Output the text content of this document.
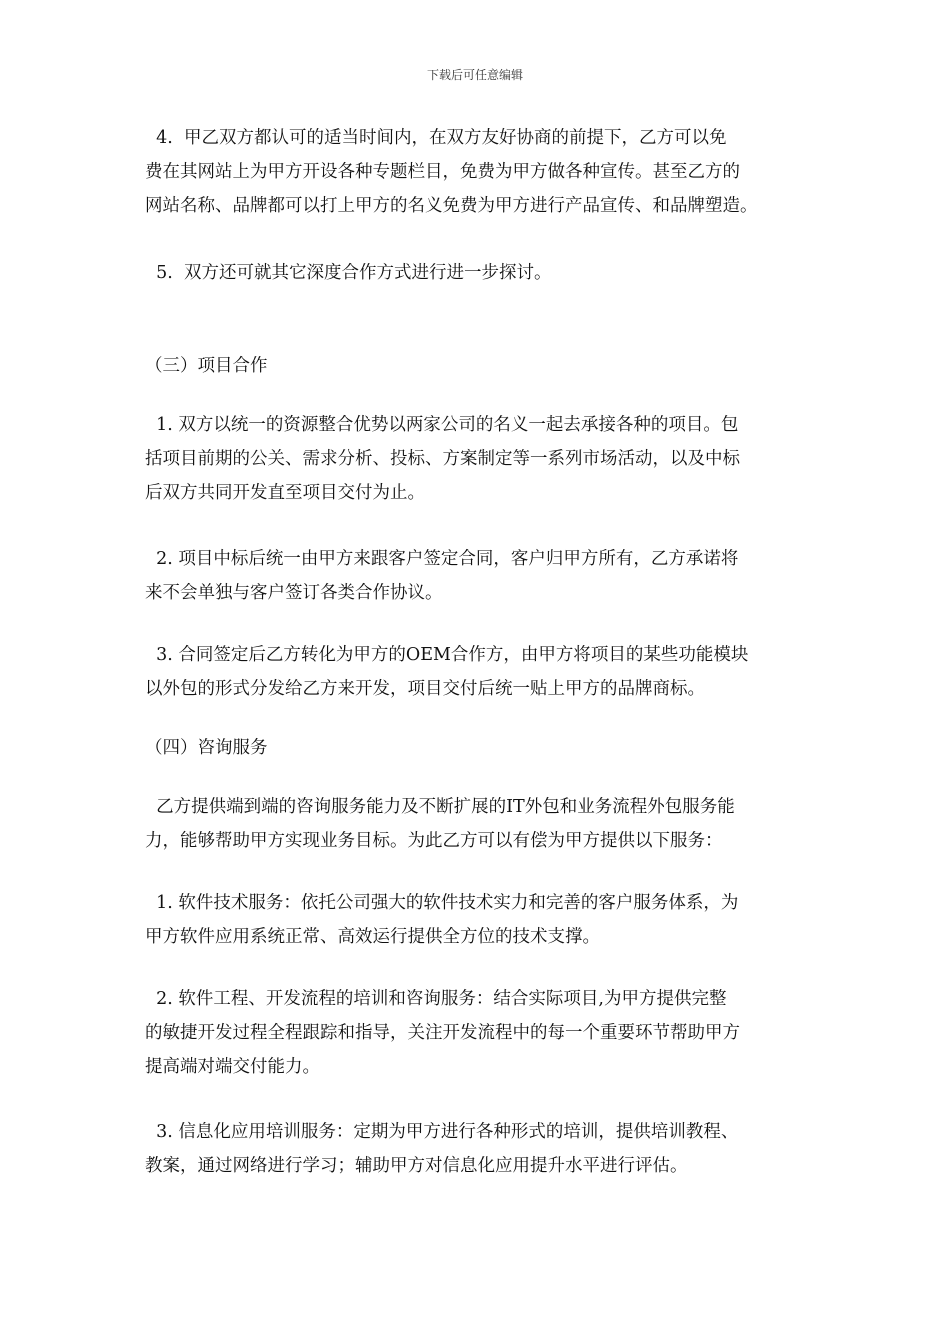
下载后可任意编辑
4.  甲乙双方都认可的适当时间内，在双方友好协商的前提下，乙方可以免
费在其网站上为甲方开设各种专题栏目，免费为甲方做各种宣传。甚至乙方的
网站名称、品牌都可以打上甲方的名义免费为甲方进行产品宣传、和品牌塑造。
5.  双方还可就其它深度合作方式进行进一步探讨。
（三）项目合作
1. 双方以统一的资源整合优势以两家公司的名义一起去承接各种的项目。包
括项目前期的公关、需求分析、投标、方案制定等一系列市场活动，以及中标
后双方共同开发直至项目交付为止。
2. 项目中标后统一由甲方来跟客户签定合同，客户归甲方所有，乙方承诺将
来不会单独与客户签订各类合作协议。
3. 合同签定后乙方转化为甲方的OEM合作方，由甲方将项目的某些功能模块
以外包的形式分发给乙方来开发，项目交付后统一贴上甲方的品牌商标。
（四）咨询服务
乙方提供端到端的咨询服务能力及不断扩展的IT外包和业务流程外包服务能
力，能够帮助甲方实现业务目标。为此乙方可以有偿为甲方提供以下服务：
1. 软件技术服务：依托公司强大的软件技术实力和完善的客户服务体系，为
甲方软件应用系统正常、高效运行提供全方位的技术支撑。
2. 软件工程、开发流程的培训和咨询服务：结合实际项目,为甲方提供完整
的敏捷开发过程全程跟踪和指导，关注开发流程中的每一个重要环节帮助甲方
提高端对端交付能力。
3. 信息化应用培训服务：定期为甲方进行各种形式的培训，提供培训教程、
教案，通过网络进行学习；辅助甲方对信息化应用提升水平进行评估。
